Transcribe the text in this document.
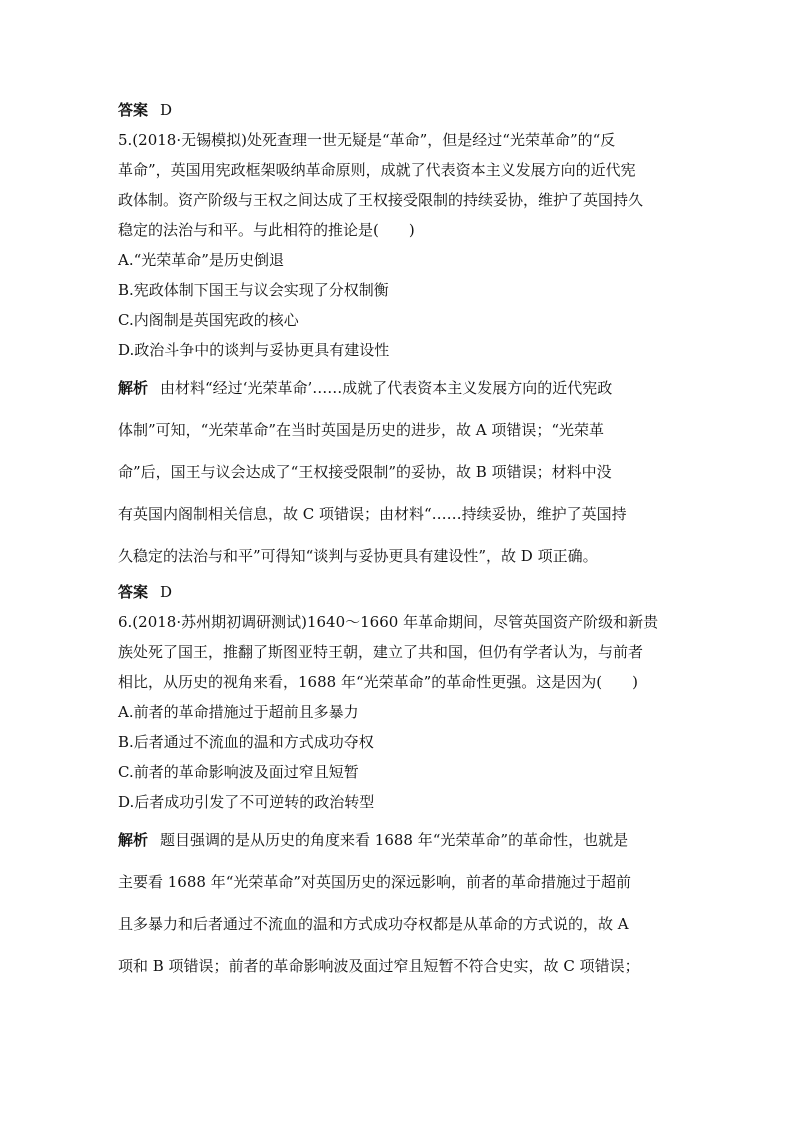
答案 D

5.(2018·无锡模拟)处死查理一世无疑是“革命”，但是经过“光荣革命”的“反

革命”，英国用宪政框架吸纳革命原则，成就了代表资本主义发展方向的近代宪

政体制。资产阶级与王权之间达成了王权接受限制的持续妥协，维护了英国持久

稳定的法治与和平。与此相符的推论是(　　)

A.“光荣革命”是历史倒退

B.宪政体制下国王与议会实现了分权制衡

C.内阁制是英国宪政的核心

D.政治斗争中的谈判与妥协更具有建设性

解析 由材料“经过‘光荣革命’……成就了代表资本主义发展方向的近代宪政

体制”可知，“光荣革命”在当时英国是历史的进步，故 A 项错误；“光荣革

命”后，国王与议会达成了“王权接受限制”的妥协，故 B 项错误；材料中没

有英国内阁制相关信息，故 C 项错误；由材料“……持续妥协，维护了英国持

久稳定的法治与和平”可得知“谈判与妥协更具有建设性”，故 D 项正确。

答案 D

6.(2018·苏州期初调研测试)1640～1660 年革命期间，尽管英国资产阶级和新贵

族处死了国王，推翻了斯图亚特王朝，建立了共和国，但仍有学者认为，与前者

相比，从历史的视角来看，1688 年“光荣革命”的革命性更强。这是因为(　　)

A.前者的革命措施过于超前且多暴力

B.后者通过不流血的温和方式成功夺权

C.前者的革命影响波及面过窄且短暂

D.后者成功引发了不可逆转的政治转型

解析 题目强调的是从历史的角度来看 1688 年“光荣革命”的革命性，也就是

主要看 1688 年“光荣革命”对英国历史的深远影响，前者的革命措施过于超前

且多暴力和后者通过不流血的温和方式成功夺权都是从革命的方式说的，故 A

项和 B 项错误；前者的革命影响波及面过窄且短暂不符合史实，故 C 项错误；
